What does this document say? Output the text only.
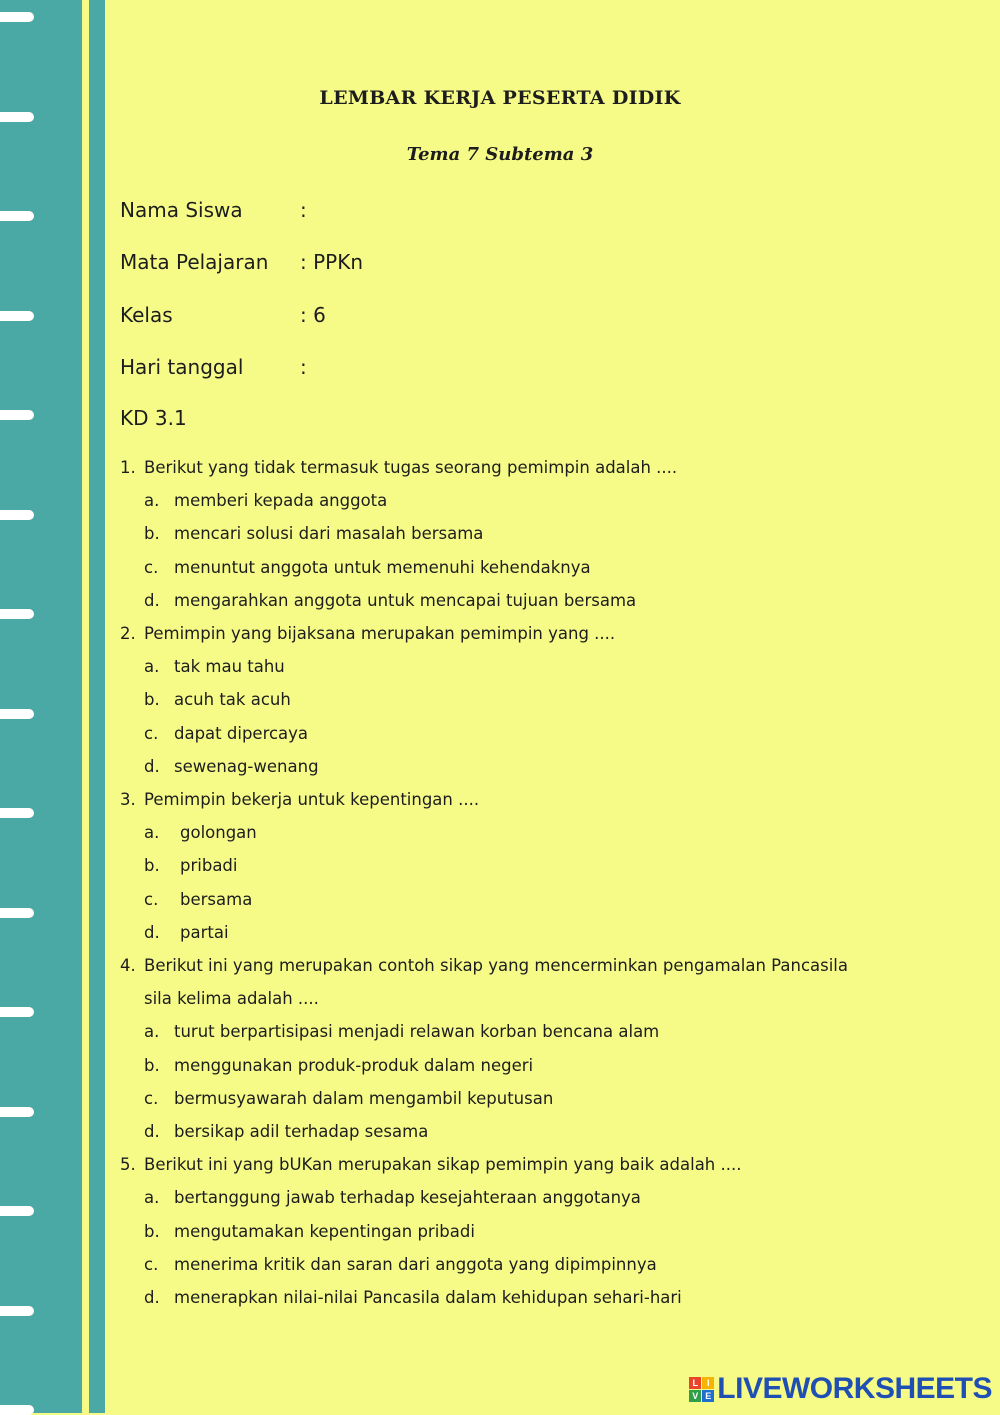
LEMBAR KERJA PESERTA DIDIK
Tema 7 Subtema 3
Nama Siswa	:
Mata Pelajaran : PPKn
Kelas	: 6
Hari tanggal	:
KD 3.1
1. Berikut yang tidak termasuk tugas seorang pemimpin adalah ....
a. memberi kepada anggota
b. mencari solusi dari masalah bersama
c. menuntut anggota untuk memenuhi kehendaknya
d. mengarahkan anggota untuk mencapai tujuan bersama
2. Pemimpin yang bijaksana merupakan pemimpin yang ....
a. tak mau tahu
b. acuh tak acuh
c. dapat dipercaya
d. sewenag-wenang
3. Pemimpin bekerja untuk kepentingan ....
a. golongan
b. pribadi
c. bersama
d. partai
4. Berikut ini yang merupakan contoh sikap yang mencerminkan pengamalan Pancasila
sila kelima adalah ....
a. turut berpartisipasi menjadi relawan korban bencana alam
b. menggunakan produk-produk dalam negeri
c. bermusyawarah dalam mengambil keputusan
d. bersikap adil terhadap sesama
5. Berikut ini yang bUKan merupakan sikap pemimpin yang baik adalah ....
a. bertanggung jawab terhadap kesejahteraan anggotanya
b. mengutamakan kepentingan pribadi
c. menerima kritik dan saran dari anggota yang dipimpinnya
d. menerapkan nilai-nilai Pancasila dalam kehidupan sehari-hari
L I
V E LIVEWORKSHEETS
